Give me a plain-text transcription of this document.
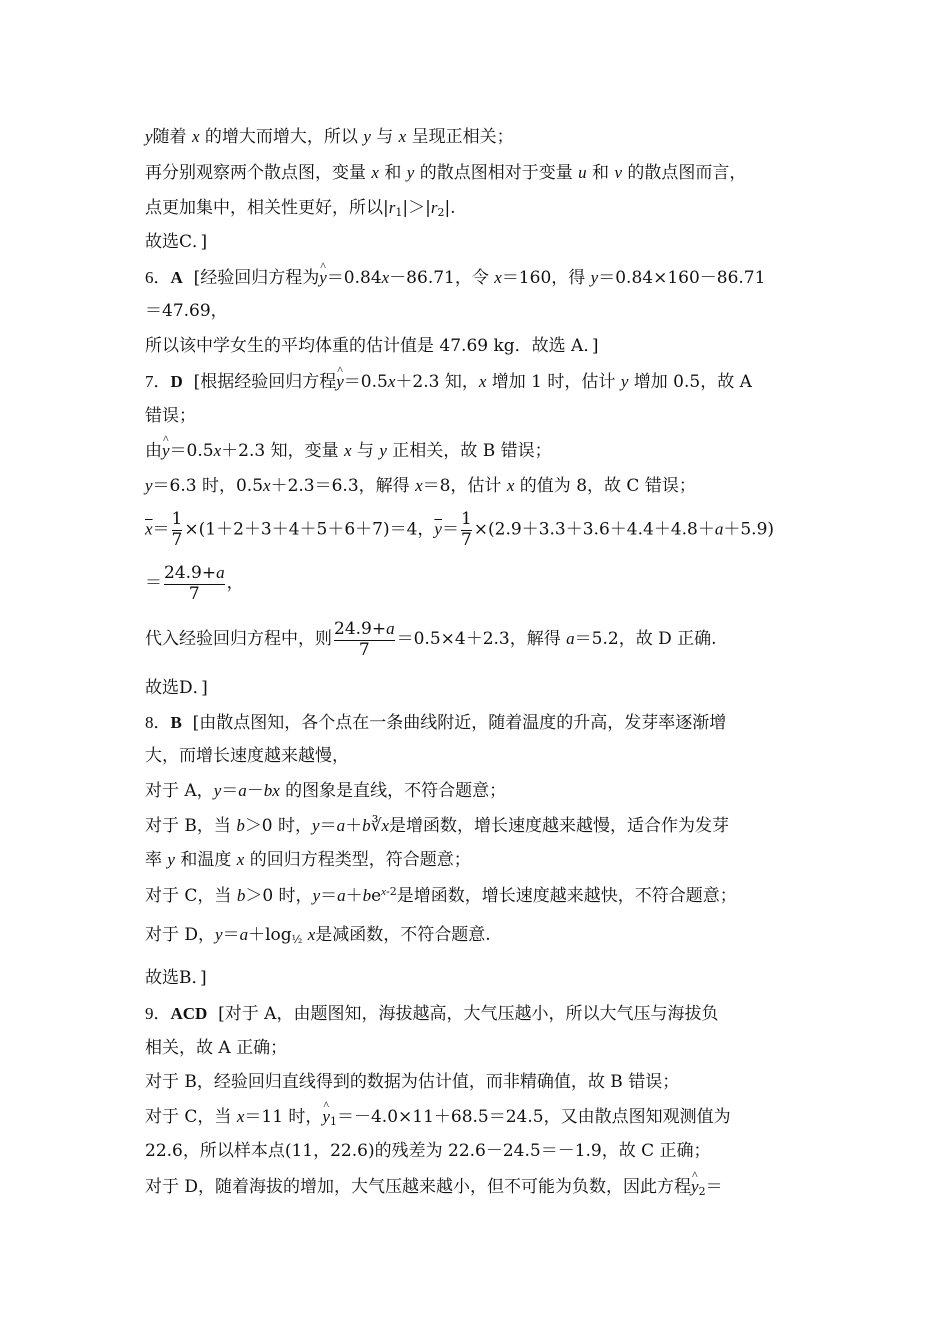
y随着 x 的增大而增大，所以 y 与 x 呈现正相关；
再分别观察两个散点图，变量 x 和 y 的散点图相对于变量 u 和 v 的散点图而言，
点更加集中，相关性更好，所以$|r_1|>|r_2|$.
故选C．]
6．A  [经验回归方程为^ y＝0.84x－86.71，令 x＝160，得 y＝0.84×160－86.71
＝47.69，
所以该中学女生的平均体重的估计值是 47.69 kg．故选 A．]
7．D  [根据经验回归方程^ y＝0.5x＋2.3 知，x 增加 1 时，估计 y 增加 0.5，故 A
错误；
由^ y＝0.5x＋2.3 知，变量 x 与 y 正相关，故 B 错误；
y＝6.3 时，0.5x＋2.3＝6.3，解得 x＝8，估计 x 的值为 8，故 C 错误；
$\overline{x}= \frac{1}{7} \times(1+2+3+4+5+6+7)=4$，$\overline{y}= \frac{1}{7} \times(2.9+3.3+3.6+4.4+4.8+a+5.9)$
＝ $\frac{24.9+a}{7}$ ，
代入经验回归方程中，则 $\frac{24.9+a}{7} =0.5\times 4+2.3$，解得 a＝5.2，故 D 正确.
故选D．]
8．B  [由散点图知，各个点在一条曲线附近，随着温度的升高，发芽率逐渐增
大，而增长速度越来越慢，
对于 A，y＝a－bx 的图象是直线，不符合题意；
对于 B，当 b＞0 时，y＝a＋b∛x是增函数，增长速度越来越慢，适合作为发芽
率 y 和温度 x 的回归方程类型，符合题意；
对于 C，当 b＞0 时，$y=a+be^{x-2}$是增函数，增长速度越来越快，不符合题意；
对于 D，$y=a+\log_{\frac{1}{2}}$ x是减函数，不符合题意.
故选B．]
9．ACD  [对于 A，由题图知，海拔越高，大气压越小，所以大气压与海拔负
相关，故 A 正确；
对于 B，经验回归直线得到的数据为估计值，而非精确值，故 B 错误；
对于 C，当 x＝11 时，^ $y_1=-4.0\times 11+68.5=24.5$，又由散点图知观测值为
22.6，所以样本点(11，22.6)的残差为 22.6－24.5＝－1.9，故 C 正确；
对于 D，随着海拔的增加，大气压越来越小，但不可能为负数，因此方程^ $y_2=$
